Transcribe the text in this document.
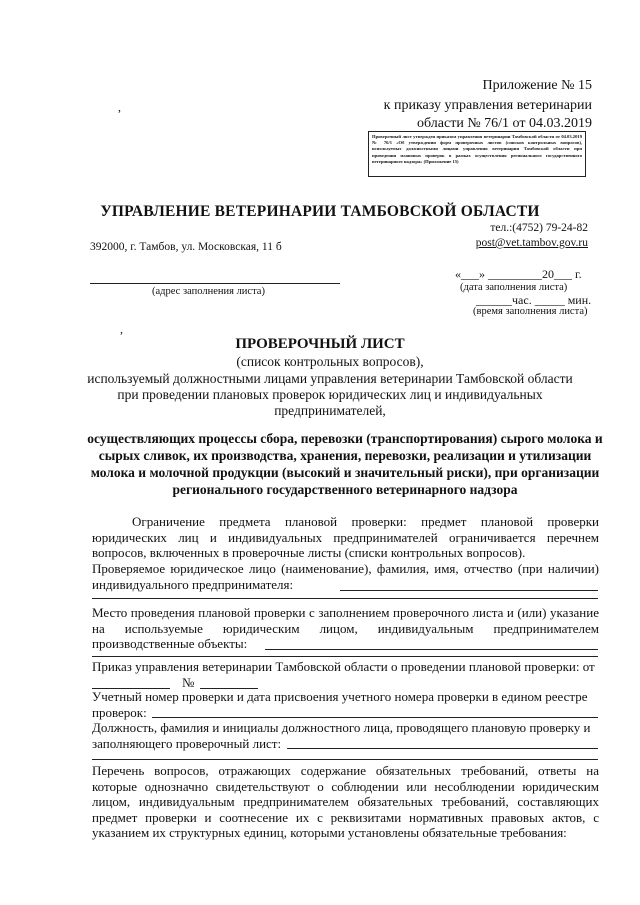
Приложение № 15
к приказу управления ветеринарии
области № 76/1 от 04.03.2019
,
Проверочный лист утвержден приказом управления ветеринарии Тамбовской области от 04.03.2019 № 76/1 «Об утверждении форм проверочных листов (списков контрольных вопросов), используемых должностными лицами управления ветеринарии Тамбовской области при проведении плановых проверок в рамках осуществления регионального государственного ветеринарного надзора» (Приложение 15)
УПРАВЛЕНИЕ ВЕТЕРИНАРИИ ТАМБОВСКОЙ ОБЛАСТИ
тел.:(4752) 79-24-82
post@vet.tambov.gov.ru
392000, г. Тамбов, ул. Московская, 11 б
«___» _________20___ г.
(дата заполнения листа)
______час. _____ мин.
(время заполнения листа)
(адрес заполнения листа)
,
ПРОВЕРОЧНЫЙ ЛИСТ
(список контрольных вопросов),
используемый должностными лицами управления ветеринарии Тамбовской области
при проведении плановых проверок юридических лиц и индивидуальных
предпринимателей,
осуществляющих процессы сбора, перевозки (транспортирования) сырого молока и
сырых сливок, их производства, хранения, перевозки, реализации и утилизации
молока и молочной продукции (высокий и значительный риски), при организации
регионального государственного ветеринарного надзора
Ограничение предмета плановой проверки: предмет плановой проверки юридических лиц и индивидуальных предпринимателей ограничивается перечнем вопросов, включенных в проверочные листы (списки контрольных вопросов).
Проверяемое юридическое лицо (наименование), фамилия, имя, отчество (при наличии) индивидуального предпринимателя:
Место проведения плановой проверки с заполнением проверочного листа и (или) указание на используемые юридическим лицом, индивидуальным предпринимателем производственные объекты:
Приказ управления ветеринарии Тамбовской области о проведении плановой проверки: от
№
Учетный номер проверки и дата присвоения учетного номера проверки в едином реестре
проверок:
Должность, фамилия и инициалы должностного лица, проводящего плановую проверку и
заполняющего проверочный лист:
Перечень вопросов, отражающих содержание обязательных требований, ответы на которые однозначно свидетельствуют о соблюдении или несоблюдении юридическим лицом, индивидуальным предпринимателем обязательных требований, составляющих предмет проверки и соотнесение их с реквизитами нормативных правовых актов, с указанием их структурных единиц, которыми установлены обязательные требования:
